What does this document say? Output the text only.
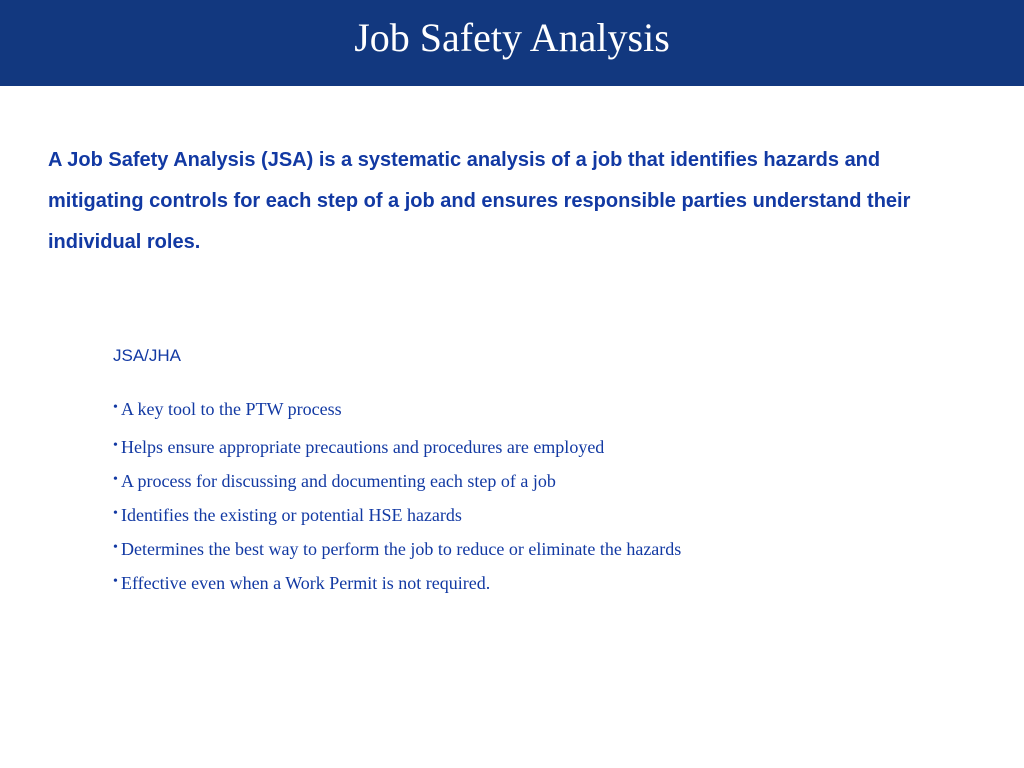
Job Safety Analysis

A Job Safety Analysis (JSA) is a systematic analysis of a job that identifies hazards and mitigating controls for each step of a job and ensures responsible parties understand their individual roles.

JSA/JHA

• A key tool to the PTW process
• Helps ensure appropriate precautions and procedures are employed
• A process for discussing and documenting each step of a job
• Identifies the existing or potential HSE hazards
• Determines the best way to perform the job to reduce or eliminate the hazards
• Effective even when a Work Permit is not required.
